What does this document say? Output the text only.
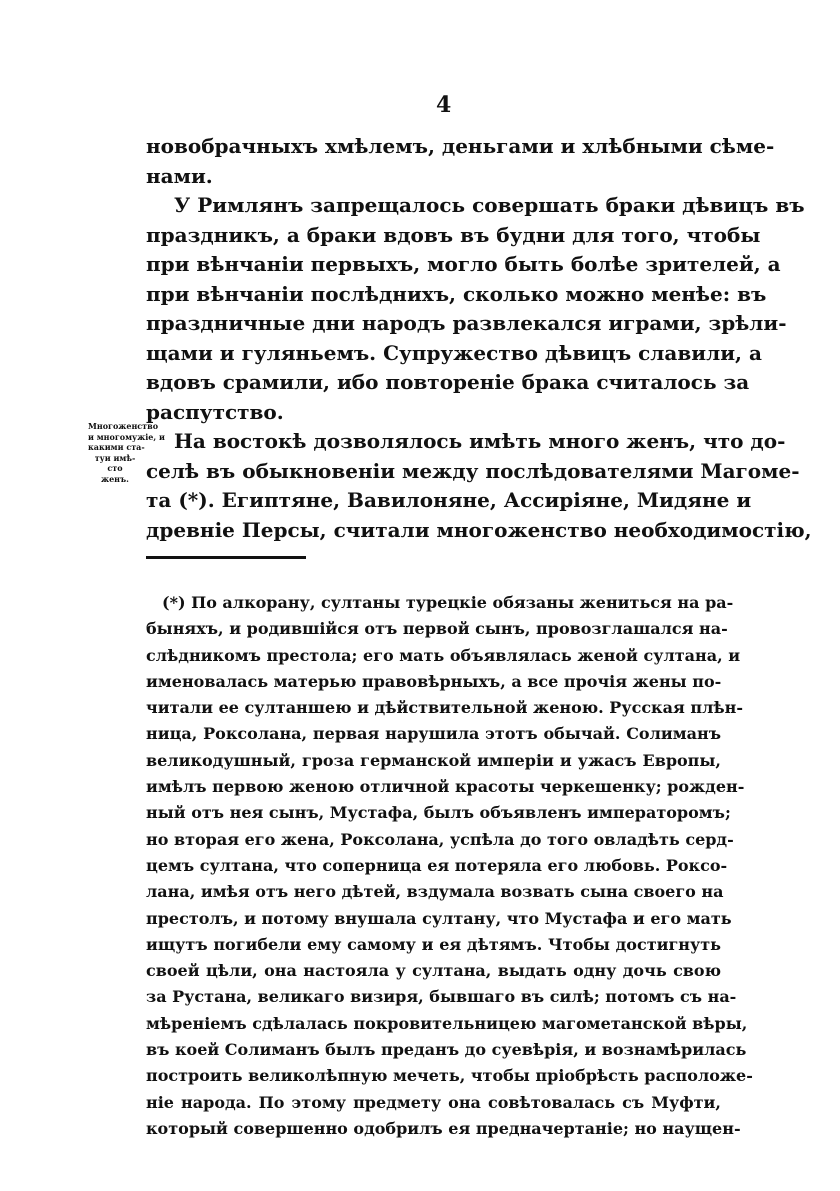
4
новобрачныхъ хмѣлемъ, деньгами и хлѣбными сѣме-
нами.
У Римлянъ запрещалось совершать браки дѣвицъ въ
праздникъ, а браки вдовъ въ будни для того, чтобы
при вѣнчанiи первыхъ, могло быть болѣе зрителей, а
при вѣнчанiи послѣднихъ, сколько можно менѣе: въ
праздничные дни народъ развлекался играми, зрѣли-
щами и гуляньемъ. Супружество дѣвицъ славили, а
вдовъ срамили, ибо повторенiе брака считалось за
распутство.
На востокѣ дозволялось имѣть много женъ, что до-
селѣ въ обыкновенiи между послѣдователями Магоме-
та (*). Египтяне, Вавилоняне, Ассирiяне, Мидяне и
древнiе Персы, считали многоженство необходимостiю,
Многоженство
и многомужiе, и
какими ста-
туи имѣ-
сто
женъ.
(*) По алкорану, султаны турецкiе обязаны жениться на ра-
быняхъ, и родившiйся отъ первой сынъ, провозглашался на-
слѣдникомъ престола; его мать объявлялась женой султана, и
именовалась матерью правовѣрныхъ, а все прочiя жены по-
читали ее султаншею и дѣйствительной женою. Русская плѣн-
ница, Роксолана, первая нарушила этотъ обычай. Солиманъ
великодушный, гроза германской имперiи и ужасъ Европы,
имѣлъ первою женою отличной красоты черкешенку; рожден-
ный отъ нея сынъ, Мустафа, былъ объявленъ императоромъ;
но вторая его жена, Роксолана, успѣла до того овладѣть серд-
цемъ султана, что соперница ея потеряла его любовь. Роксо-
лана, имѣя отъ него дѣтей, вздумала возвать сына своего на
престолъ, и потому внушала султану, что Мустафа и его мать
ищутъ погибели ему самому и ея дѣтямъ. Чтобы достигнуть
своей цѣли, она настояла у султана, выдать одну дочь свою
за Рустана, великаго визиря, бывшаго въ силѣ; потомъ съ на-
мѣренiемъ сдѣлалась покровительницею магометанской вѣры,
въ коей Солиманъ былъ преданъ до суевѣрiя, и вознамѣрилась
построить великолѣпную мечеть, чтобы прiобрѣсть расположе-
нiе народа. По этому предмету она совѣтовалась съ Муфти,
который совершенно одобрилъ ея предначертанiе; но наущен-
